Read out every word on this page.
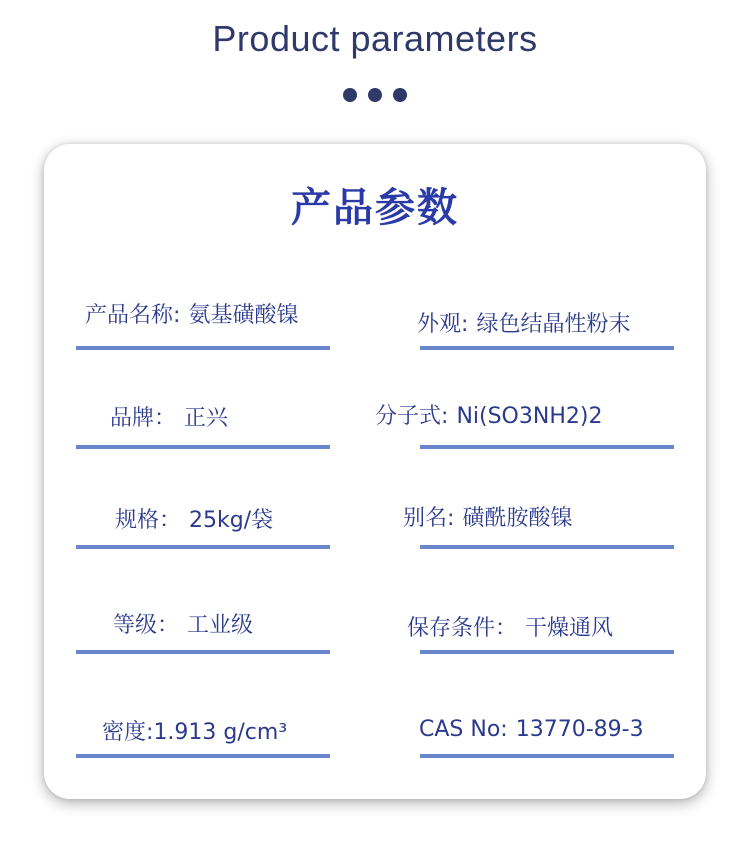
Product parameters
产品参数
产品名称: 氨基磺酸镍	外观: 绿色结晶性粉末
品牌： 正兴	分子式: Ni(SO3NH2)2
规格： 25kg/袋	别名: 磺酰胺酸镍
等级： 工业级	保存条件： 干燥通风
密度:1.913 g/cm³	CAS No: 13770-89-3
